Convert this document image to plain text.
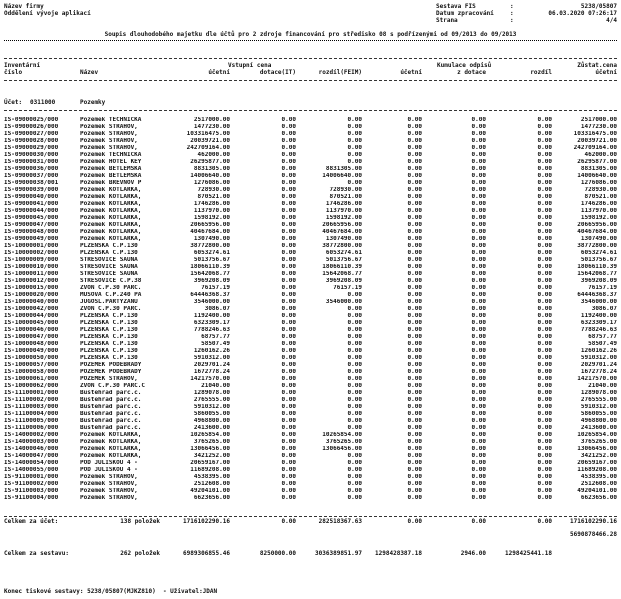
Název firmy
Oddělení vývoje aplikací
Sestava FIS	:	5238/05807
Datum zpracování	:	06.03.2020 07:26:17
Strana	:	4/4
Soupis dlouhodobého majetku dle účtů pro 2 zdroje financování pro středisko 08 s podřízenými od 09/2013 do 09/2013
Inventární
číslo	Název
Vstupní cena
účetní	dotace(IT)	rozdíl(FEIM)	účetní
Kumulace odpisů
z dotace	rozdíl
Zůstat.cena
účetní
Účet: 0311000	Pozemky
IS-09000025/000	Pozemek TECHNICKÁ	2517000.00	0.00	0.00	0.00	0.00	0.00	2517000.00
IS-09000026/000	Pozemek STRAHOV,	1477230.00	0.00	0.00	0.00	0.00	0.00	1477230.00
IS-09000027/000	Pozemek STRAHOV,	103316475.00	0.00	0.00	0.00	0.00	0.00	103316475.00
IS-09000028/000	Pozemek STRAHOV,	20039721.00	0.00	0.00	0.00	0.00	0.00	20039721.00
IS-09000029/000	Pozemek STRAHOV,	242709164.00	0.00	0.00	0.00	0.00	0.00	242709164.00
IS-09000030/000	Pozemek TECHNICKÁ	462000.00	0.00	0.00	0.00	0.00	0.00	462000.00
IS-09000031/000	Pozemek HOTEL KEY	26295877.00	0.00	0.00	0.00	0.00	0.00	26295877.00
IS-09000036/000	Pozemek BETLÉMSKÁ	8831305.00	0.00	8831305.00	0.00	0.00	0.00	8831305.00
IS-09000037/000	Pozemek BETLÉMSKÁ	14006640.00	0.00	14006640.00	0.00	0.00	0.00	14006640.00
IS-09000038/001	Pozemek BŘEVNOV P	1276086.00	0.00	0.00	0.00	0.00	0.00	1276086.00
IS-09000039/000	Pozemek KOTLÁŘKA,	728930.00	0.00	728930.00	0.00	0.00	0.00	728930.00
IS-09000040/000	Pozemek KOTLÁŘKA,	870521.00	0.00	870521.00	0.00	0.00	0.00	870521.00
IS-09000041/000	Pozemek KOTLÁŘKA,	1746286.00	0.00	1746286.00	0.00	0.00	0.00	1746286.00
IS-09000044/000	Pozemek KOTLÁŘKA,	1137970.00	0.00	1137970.00	0.00	0.00	0.00	1137970.00
IS-09000045/000	Pozemek KOTLÁŘKA,	1598192.00	0.00	1598192.00	0.00	0.00	0.00	1598192.00
IS-09000047/000	Pozemek KOTLÁŘKA,	20665956.00	0.00	20665956.00	0.00	0.00	0.00	20665956.00
IS-09000048/000	Pozemek KOTLÁŘKA,	40467684.00	0.00	40467684.00	0.00	0.00	0.00	40467684.00
IS-09000049/000	Pozemek KOTLÁŘKA,	1307490.00	0.00	1307490.00	0.00	0.00	0.00	1307490.00
IS-10000001/000	PLZEŇSKÁ C.P.130	38772800.00	0.00	38772800.00	0.00	0.00	0.00	38772800.00
IS-10000002/000	PLZEŇSKÁ C.P.130	6053274.61	0.00	6053274.61	0.00	0.00	0.00	6053274.61
IS-10000009/000	STŘEŠOVICE SAUNA	5013756.67	0.00	5013756.67	0.00	0.00	0.00	5013756.67
IS-10000010/000	STŘEŠOVICE SAUNA	18066110.39	0.00	18066110.39	0.00	0.00	0.00	18066110.39
IS-10000011/000	STŘEŠOVICE SAUNA	15642068.77	0.00	15642068.77	0.00	0.00	0.00	15642068.77
IS-10000012/000	STŘEŠOVICE C.P.38	3969208.09	0.00	3969208.09	0.00	0.00	0.00	3969208.09
IS-10000015/000	ZVON C.P.30 PARC.	76157.19	0.00	76157.19	0.00	0.00	0.00	76157.19
IS-10000020/000	MUSOVA C.P.240 PA	64446368.37	0.00	0.00	0.00	0.00	0.00	64446368.37
IS-10000040/000	JUGOSL.PARTYZÁNŮ	3546000.00	0.00	3546000.00	0.00	0.00	0.00	3546000.00
IS-10000042/000	ZVON C.P.30 PARC.	3086.07	0.00	0.00	0.00	0.00	0.00	3086.07
IS-10000044/000	PLZEŇSKÁ C.P.130	1192400.00	0.00	0.00	0.00	0.00	0.00	1192400.00
IS-10000045/000	PLZEŇSKÁ C.P.130	6323309.17	0.00	0.00	0.00	0.00	0.00	6323309.17
IS-10000046/000	PLZEŇSKÁ C.P.130	7788246.63	0.00	0.00	0.00	0.00	0.00	7788246.63
IS-10000047/000	PLZEŇSKÁ C.P.130	68757.77	0.00	0.00	0.00	0.00	0.00	68757.77
IS-10000048/000	PLZEŇSKÁ C.P.130	58507.49	0.00	0.00	0.00	0.00	0.00	58507.49
IS-10000049/000	PLZEŇSKÁ C.P.130	1260162.26	0.00	0.00	0.00	0.00	0.00	1260162.26
IS-10000050/000	PLZEŇSKÁ C.P.130	5910312.00	0.00	0.00	0.00	0.00	0.00	5910312.00
IS-10000057/000	POZEMEK PODĚBRADY	2029701.24	0.00	0.00	0.00	0.00	0.00	2029701.24
IS-10000058/000	POZEMEK PODĚBRADY	1672778.24	0.00	0.00	0.00	0.00	0.00	1672778.24
IS-10000061/000	POZEMEK STRAHOV,	14217570.00	0.00	0.00	0.00	0.00	0.00	14217570.00
IS-10000062/000	ZVON C.P.30 PARC.C	21040.00	0.00	0.00	0.00	0.00	0.00	21040.00
IS-11100001/000	Buštěhrad parc.č.	1289078.00	0.00	0.00	0.00	0.00	0.00	1289078.00
IS-11100002/000	Buštěhrad parc.č.	2765555.00	0.00	0.00	0.00	0.00	0.00	2765555.00
IS-11100003/000	Buštěhrad parc.č.	5910312.00	0.00	0.00	0.00	0.00	0.00	5910312.00
IS-11100004/000	Buštěhrad parc.č.	5860055.00	0.00	0.00	0.00	0.00	0.00	5860055.00
IS-11100005/000	Buštěhrad parc.č.	4968800.00	0.00	0.00	0.00	0.00	0.00	4968800.00
IS-11100006/000	Buštěhrad parc.č.	2413600.00	0.00	0.00	0.00	0.00	0.00	2413600.00
IS-14000002/000	Pozemek KOTLÁŘKA,	10265854.00	0.00	10265854.00	0.00	0.00	0.00	10265854.00
IS-14000003/000	Pozemek KOTLÁŘKA,	3765265.00	0.00	3765265.00	0.00	0.00	0.00	3765265.00
IS-14000046/000	Pozemek KOTLÁŘKA,	13066456.00	0.00	13066456.00	0.00	0.00	0.00	13066456.00
IS-14000047/000	Pozemek KOTLÁŘKA,	3421252.00	0.00	0.00	0.00	0.00	0.00	3421252.00
IS-14000054/000	POD JULISKOU 4 -	20659167.00	0.00	0.00	0.00	0.00	0.00	20659167.00
IS-14000055/000	POD JULISKOU 4 -	11689208.00	0.00	0.00	0.00	0.00	0.00	11689208.00
IS-91100001/000	Pozemek STRAHOV,	4538395.00	0.00	0.00	0.00	0.00	0.00	4538395.00
IS-91100002/000	Pozemek STRAHOV,	2512608.00	0.00	0.00	0.00	0.00	0.00	2512608.00
IS-91100003/000	Pozemek STRAHOV,	49204101.00	0.00	0.00	0.00	0.00	0.00	49204101.00
IS-91100004/000	Pozemek STRAHOV,	6623656.00	0.00	0.00	0.00	0.00	0.00	6623656.00
Celkem za účet:	138 položek	1716102290.16	0.00	282518367.63	0.00	0.00	0.00	1716102290.16
5690878466.28
Celkem za sestavu:	262 položek	6989306855.46	8250000.00	3036389851.97	1298428387.18	2946.00	1298425441.18
Konec tiskové sestavy: 5238/05807(MJKZ810)  - Uživatel:JDAN
